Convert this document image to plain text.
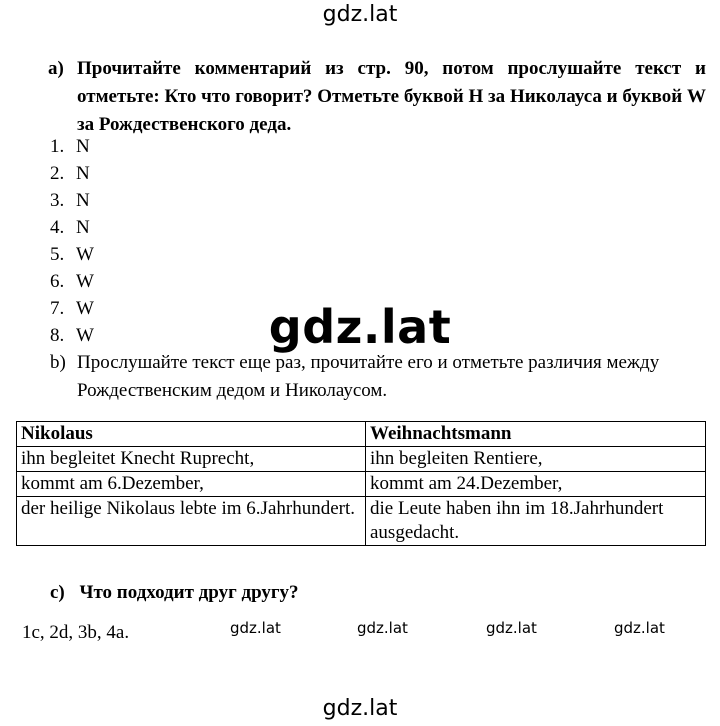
gdz.lat
а) Прочитайте комментарий из стр. 90, потом прослушайте текст и отметьте: Кто что говорит? Отметьте буквой Н за Николауса и буквой W за Рождественского деда.
1. N
2. N
3. N
4. N
5. W
6. W
7. W
8. W	gdz.lat
b) Прослушайте текст еще раз, прочитайте его и отметьте различия между Рождественским дедом и Николаусом.
Nikolaus	Weihnachtsmann
ihn begleitet Knecht Ruprecht,	ihn begleiten Rentiere,
kommt am 6.Dezember,	kommt am 24.Dezember,
der heilige Nikolaus lebte im 6.Jahrhundert.	die Leute haben ihn im 18.Jahrhundert ausgedacht.
c) Что подходит друг другу?
1c, 2d, 3b, 4a.	gdz.lat	gdz.lat	gdz.lat	gdz.lat
gdz.lat
